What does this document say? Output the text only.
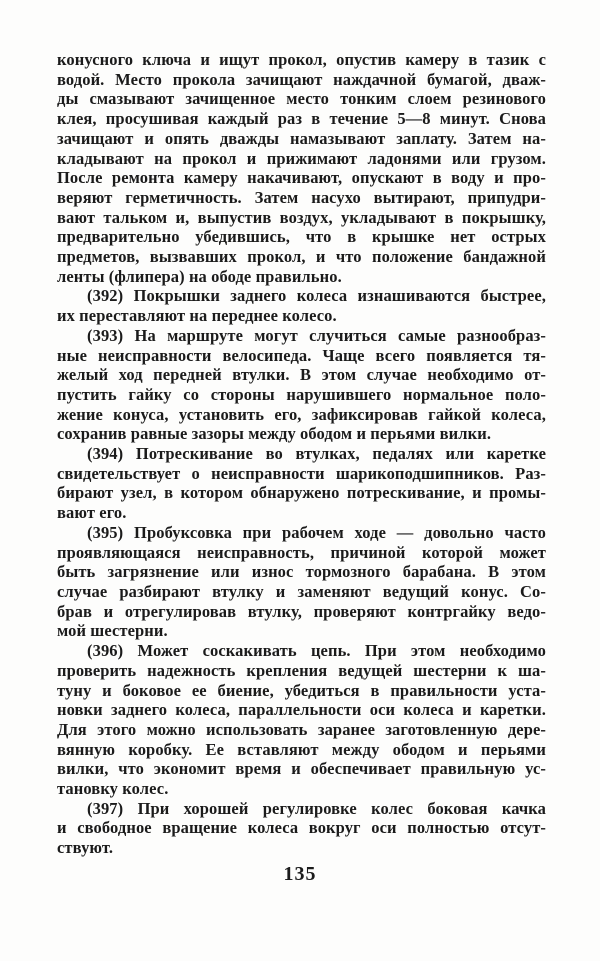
конусного ключа и ищут прокол, опустив камеру в тазик с
водой. Место прокола зачищают наждачной бумагой, дваж-
ды смазывают зачищенное место тонким слоем резинового
клея, просушивая каждый раз в течение 5—8 минут. Снова
зачищают и опять дважды намазывают заплату. Затем на-
кладывают на прокол и прижимают ладонями или грузом.
После ремонта камеру накачивают, опускают в воду и про-
веряют герметичность. Затем насухо вытирают, припудри-
вают тальком и, выпустив воздух, укладывают в покрышку,
предварительно убедившись, что в крышке нет острых
предметов, вызвавших прокол, и что положение бандажной
ленты (флипера) на ободе правильно.
(392) Покрышки заднего колеса изнашиваются быстрее,
их переставляют на переднее колесо.
(393) На маршруте могут случиться самые разнообраз-
ные неисправности велосипеда. Чаще всего появляется тя-
желый ход передней втулки. В этом случае необходимо от-
пустить гайку со стороны нарушившего нормальное поло-
жение конуса, установить его, зафиксировав гайкой колеса,
сохранив равные зазоры между ободом и перьями вилки.
(394) Потрескивание во втулках, педалях или каретке
свидетельствует о неисправности шарикоподшипников. Раз-
бирают узел, в котором обнаружено потрескивание, и промы-
вают его.
(395) Пробуксовка при рабочем ходе — довольно часто
проявляющаяся неисправность, причиной которой может
быть загрязнение или износ тормозного барабана. В этом
случае разбирают втулку и заменяют ведущий конус. Со-
брав и отрегулировав втулку, проверяют контргайку ведо-
мой шестерни.
(396) Может соскакивать цепь. При этом необходимо
проверить надежность крепления ведущей шестерни к ша-
туну и боковое ее биение, убедиться в правильности уста-
новки заднего колеса, параллельности оси колеса и каретки.
Для этого можно использовать заранее заготовленную дере-
вянную коробку. Ее вставляют между ободом и перьями
вилки, что экономит время и обеспечивает правильную ус-
тановку колес.
(397) При хорошей регулировке колес боковая качка
и свободное вращение колеса вокруг оси полностью отсут-
ствуют.
135
